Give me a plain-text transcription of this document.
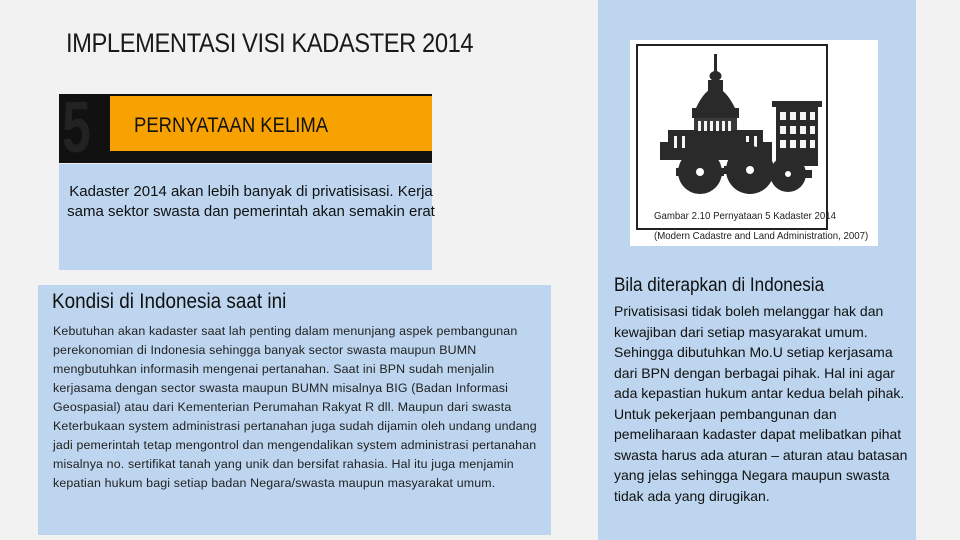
IMPLEMENTASI VISI KADASTER 2014
Gambar 2.10 Pernyataan 5 Kadaster 2014
(Modern Cadastre and Land Administration, 2007)
Kadaster 2014 akan lebih banyak di privatisisasi. Kerja sama sektor swasta dan pemerintah akan semakin erat
5 PERNYATAAN KELIMA
Bila diterapkan di Indonesia
Privatisisasi tidak boleh melanggar hak dan kewajiban dari setiap masyarakat umum. Sehingga dibutuhkan Mo.U setiap kerjasama dari BPN dengan berbagai pihak. Hal ini agar ada kepastian hukum antar kedua belah pihak. Untuk pekerjaan pembangunan dan pemeliharaan kadaster dapat melibatkan pihat swasta harus ada aturan – aturan atau batasan yang jelas sehingga Negara maupun swasta tidak ada yang dirugikan.
Kondisi di Indonesia saat ini
Kebutuhan akan kadaster saat lah penting dalam menunjang aspek pembangunan perekonomian di Indonesia sehingga banyak sector swasta maupun BUMN mengbutuhkan informasih mengenai pertanahan. Saat ini BPN sudah menjalin kerjasama dengan sector swasta maupun BUMN misalnya BIG (Badan Informasi Geospasial) atau dari Kementerian Perumahan Rakyat R dll. Maupun dari swasta Keterbukaan system administrasi pertanahan juga sudah dijamin oleh undang undang jadi pemerintah tetap mengontrol dan mengendalikan system administrasi pertanahan misalnya no. sertifikat tanah yang unik dan bersifat rahasia. Hal itu juga menjamin kepatian hukum bagi setiap badan Negara/swasta maupun masyarakat umum.
